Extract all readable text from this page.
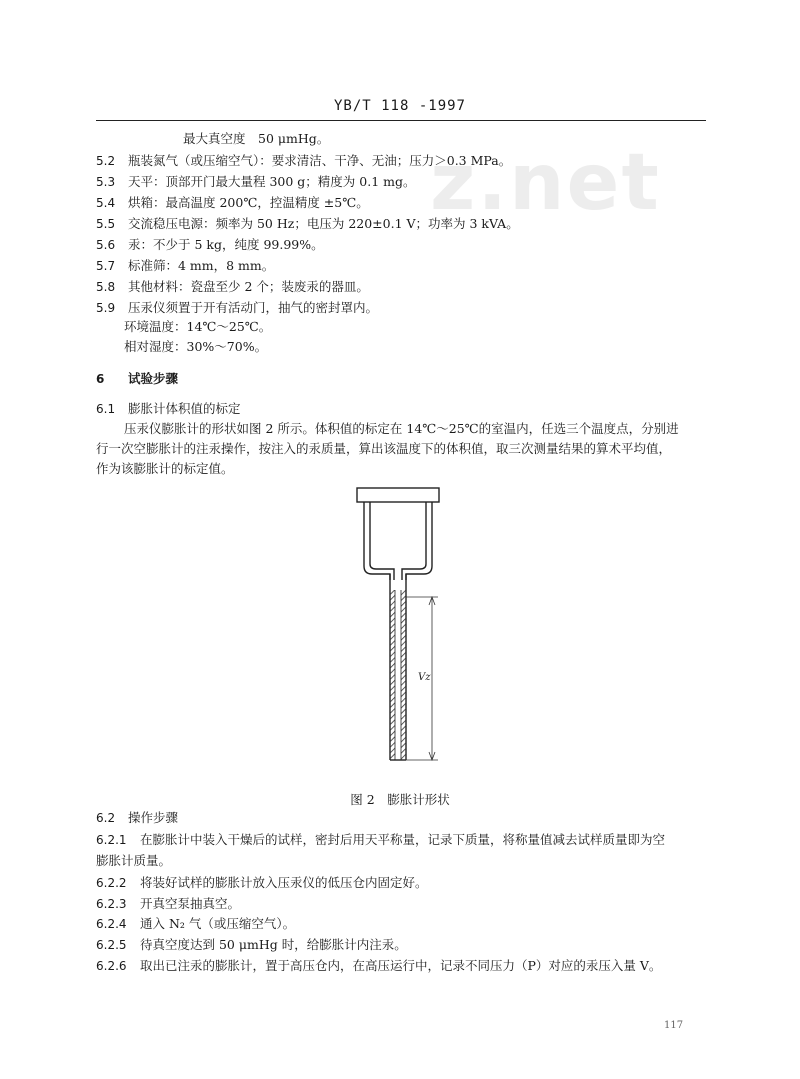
z.net
YB/T 118 -1997
最大真空度　50 μmHg。
5.2 瓶装氮气（或压缩空气）：要求清洁、干净、无油；压力＞0.3 MPa。
5.3 天平：顶部开门最大量程 300 g；精度为 0.1 mg。
5.4 烘箱：最高温度 200℃，控温精度 ±5℃。
5.5 交流稳压电源：频率为 50 Hz；电压为 220±0.1 V；功率为 3 kVA。
5.6 汞：不少于 5 kg，纯度 99.99%。
5.7 标准筛：4 mm，8 mm。
5.8 其他材料：瓷盘至少 2 个；装废汞的器皿。
5.9 压汞仪须置于开有活动门，抽气的密封罩内。
环境温度：14℃～25℃。
相对湿度：30%～70%。
6 试验步骤
6.1 膨胀计体积值的标定
压汞仪膨胀计的形状如图 2 所示。体积值的标定在 14℃～25℃的室温内，任选三个温度点，分别进
行一次空膨胀计的注汞操作，按注入的汞质量，算出该温度下的体积值，取三次测量结果的算术平均值，
作为该膨胀计的标定值。
Vz
图 2　膨胀计形状
6.2 操作步骤
6.2.1 在膨胀计中装入干燥后的试样，密封后用天平称量，记录下质量，将称量值减去试样质量即为空
膨胀计质量。
6.2.2 将装好试样的膨胀计放入压汞仪的低压仓内固定好。
6.2.3 开真空泵抽真空。
6.2.4 通入 N₂ 气（或压缩空气）。
6.2.5 待真空度达到 50 μmHg 时，给膨胀计内注汞。
6.2.6 取出已注汞的膨胀计，置于高压仓内，在高压运行中，记录不同压力（P）对应的汞压入量 V。
117
